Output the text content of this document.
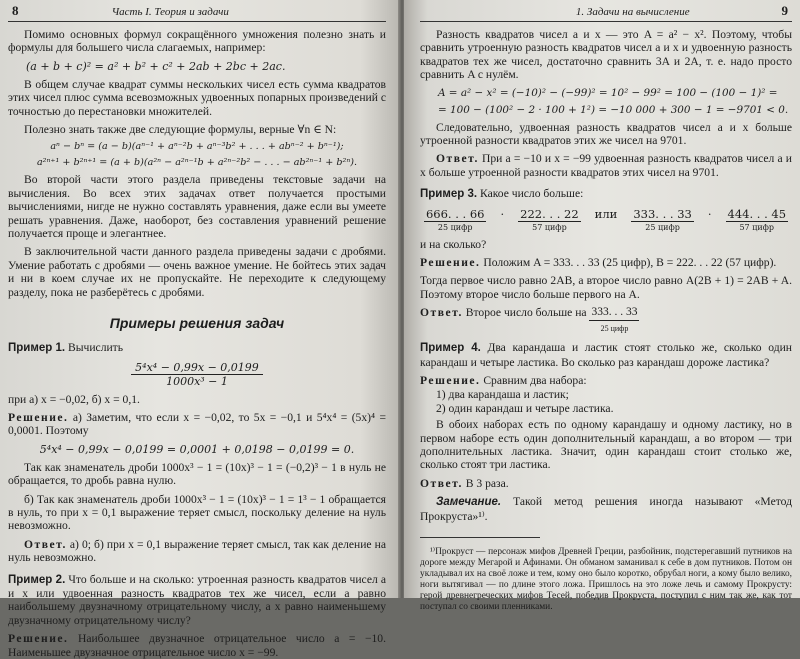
8	Часть I. Теория и задачи

Помимо основных формул сокращённого умножения полезно знать и формулы для большего числа слагаемых, например:

(a + b + c)² = a² + b² + c² + 2ab + 2bc + 2ac.

В общем случае квадрат суммы нескольких чисел есть сумма квадратов этих чисел плюс сумма всевозможных удвоенных попарных произведений с точностью до перестановки множителей.

Полезно знать также две следующие формулы, верные ∀n ∈ N:

aⁿ − bⁿ = (a − b)(aⁿ⁻¹ + aⁿ⁻²b + aⁿ⁻³b² + . . . + abⁿ⁻² + bⁿ⁻¹);
a²ⁿ⁺¹ + b²ⁿ⁺¹ = (a + b)(a²ⁿ − a²ⁿ⁻¹b + a²ⁿ⁻²b² − . . . − ab²ⁿ⁻¹ + b²ⁿ).

Во второй части этого раздела приведены текстовые задачи на вычисления. Во всех этих задачах ответ получается простыми вычислениями, нигде не нужно составлять уравнения, даже если вы умеете решать уравнения. Даже, наоборот, без составления уравнений решение получается проще и элегантнее.

В заключительной части данного раздела приведены задачи с дробями. Умение работать с дробями — очень важное умение. Не бойтесь этих задач и ни в коем случае их не пропускайте. Не переходите к следующему разделу, пока не разберётесь с дробями.

Примеры решения задач

Пример 1. Вычислить

$\frac{\text{5⁴x⁴ − 0,99x − 0,0199}}{\text{1000x³ − 1}}$

при а) x = −0,02, б) x = 0,1.

Решение. а) Заметим, что если x = −0,02, то 5x = −0,1 и 5⁴x⁴ = (5x)⁴ = 0,0001. Поэтому

5⁴x⁴ − 0,99x − 0,0199 = 0,0001 + 0,0198 − 0,0199 = 0.

Так как знаменатель дроби 1000x³ − 1 = (10x)³ − 1 = (−0,2)³ − 1 в нуль не обращается, то дробь равна нулю.

б) Так как знаменатель дроби 1000x³ − 1 = (10x)³ − 1 = 1³ − 1 обращается в нуль, то при x = 0,1 выражение теряет смысл, поскольку деление на нуль невозможно.

Ответ. а) 0; б) при x = 0,1 выражение теряет смысл, так как деление на нуль невозможно.

Пример 2. Что больше и на сколько: утроенная разность квадратов чисел a и x или удвоенная разность квадратов тех же чисел, если a равно наибольшему двузначному отрицательному числу, а x равно наименьшему двузначному отрицательному числу?

Решение. Наибольшее двузначное отрицательное число a = −10. Наименьшее двузначное отрицательное число x = −99.

1. Задачи на вычисление	9

Разность квадратов чисел a и x — это A = a² − x². Поэтому, чтобы сравнить утроенную разность квадратов чисел a и x и удвоенную разность квадратов тех же чисел, достаточно сравнить 3A и 2A, т. е. надо просто сравнить A с нулём.

A = a² − x² = (−10)² − (−99)² = 10² − 99² = 100 − (100 − 1)² =
= 100 − (100² − 2 · 100 + 1²) = −10 000 + 300 − 1 = −9701 < 0.

Следовательно, удвоенная разность квадратов чисел a и x больше утроенной разности квадратов этих же чисел на 9701.

Ответ. При a = −10 и x = −99 удвоенная разность квадратов чисел a и x больше утроенной разности квадратов этих чисел на 9701.

Пример 3. Какое число больше:

666. . . 66
25 цифр
· 222. . . 22
57 цифр
или 333. . . 33
25 цифр
· 444. . . 45
57 цифр

и на сколько?

Решение. Положим A = 333. . . 33 (25 цифр), B = 222. . . 22 (57 цифр).

Тогда первое число равно 2AB, а второе число равно A(2B + 1) = 2AB + A. Поэтому второе число больше первого на A.

Ответ. Второе число больше на 333. . . 33
25 цифр

Пример 4. Два карандаша и ластик стоят столько же, сколько один карандаш и четыре ластика. Во сколько раз карандаш дороже ластика?

Решение. Сравним два набора:

1) два карандаша и ластик;
2) один карандаш и четыре ластика.

В обоих наборах есть по одному карандашу и одному ластику, но в первом наборе есть один дополнительный карандаш, а во втором — три дополнительных ластика. Значит, один карандаш стоит столько же, сколько стоят три ластика.

Ответ. В 3 раза.

Замечание. Такой метод решения иногда называют «Метод Прокруста»¹⁾.

¹⁾Прокруст — персонаж мифов Древней Греции, разбойник, подстерегавший путников на дороге между Мегарой и Афинами. Он обманом заманивал к себе в дом путников. Потом он укладывал их на своё ложе и тем, кому оно было коротко, обрубал ноги, а кому было велико, ноги вытягивал — по длине этого ложа. Пришлось на это ложе лечь и самому Прокрусту: герой древнегреческих мифов Тесей, победив Прокруста, поступил с ним так же, как тот поступал со своими пленниками.
